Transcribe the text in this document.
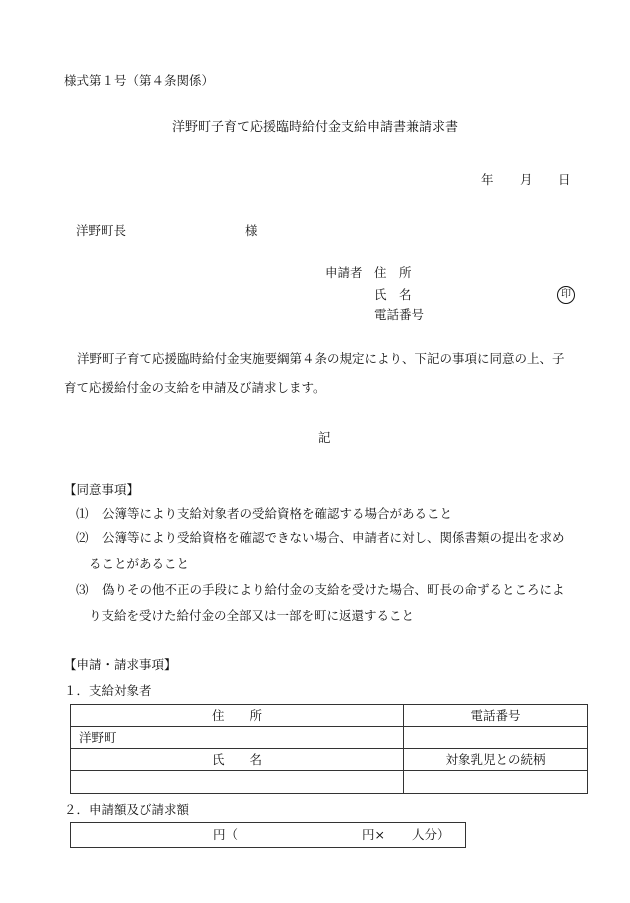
様式第１号（第４条関係）
洋野町子育て応援臨時給付金支給申請書兼請求書
年 月 日
洋野町長	様
申請者 住　所
氏　名
電話番号
印
洋野町子育て応援臨時給付金実施要綱第４条の規定により、下記の事項に同意の上、子
育て応援給付金の支給を申請及び請求します。
記
【同意事項】
⑴ 公簿等により支給対象者の受給資格を確認する場合があること
⑵ 公簿等により受給資格を確認できない場合、申請者に対し、関係書類の提出を求め
ることがあること
⑶ 偽りその他不正の手段により給付金の支給を受けた場合、町長の命ずるところによ
り支給を受けた給付金の全部又は一部を町に返還すること
【申請・請求事項】
１．支給対象者
住　　所	電話番号
洋野町	
氏　　名	対象乳児との続柄

２．申請額及び請求額
円（	円× 人分）
